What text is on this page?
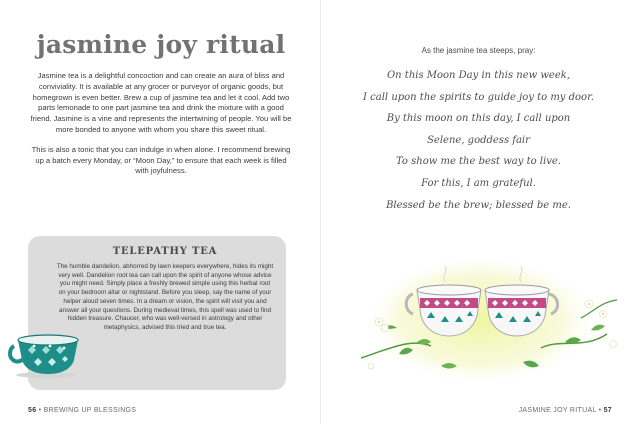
jasmine joy ritual

Jasmine tea is a delightful concoction and can create an aura of bliss and conviviality. It is available at any grocer or purveyor of organic goods, but homegrown is even better. Brew a cup of jasmine tea and let it cool. Add two parts lemonade to one part jasmine tea and drink the mixture with a good friend. Jasmine is a vine and represents the intertwining of people. You will be more bonded to anyone with whom you share this sweet ritual.

This is also a tonic that you can indulge in when alone. I recommend brewing up a batch every Monday, or “Moon Day,” to ensure that each week is filled with joyfulness.

TELEPATHY TEA

The humble dandelion, abhorred by lawn keepers everywhere, hides its might very well. Dandelion root tea can call upon the spirit of anyone whose advice you might need. Simply place a freshly brewed simple using this herbal root on your bedroom altar or nightstand. Before you sleep, say the name of your helper aloud seven times. In a dream or vision, the spirit will visit you and answer all your questions. During medieval times, this spell was used to find hidden treasure. Chaucer, who was well-versed in astrology and other metaphysics, advised this tried and true tea.

56 • BREWING UP BLESSINGS

As the jasmine tea steeps, pray:

On this Moon Day in this new week,
I call upon the spirits to guide joy to my door.
By this moon on this day, I call upon
Selene, goddess fair
To show me the best way to live.
For this, I am grateful.
Blessed be the brew; blessed be me.
JASMINE JOY RITUAL • 57
